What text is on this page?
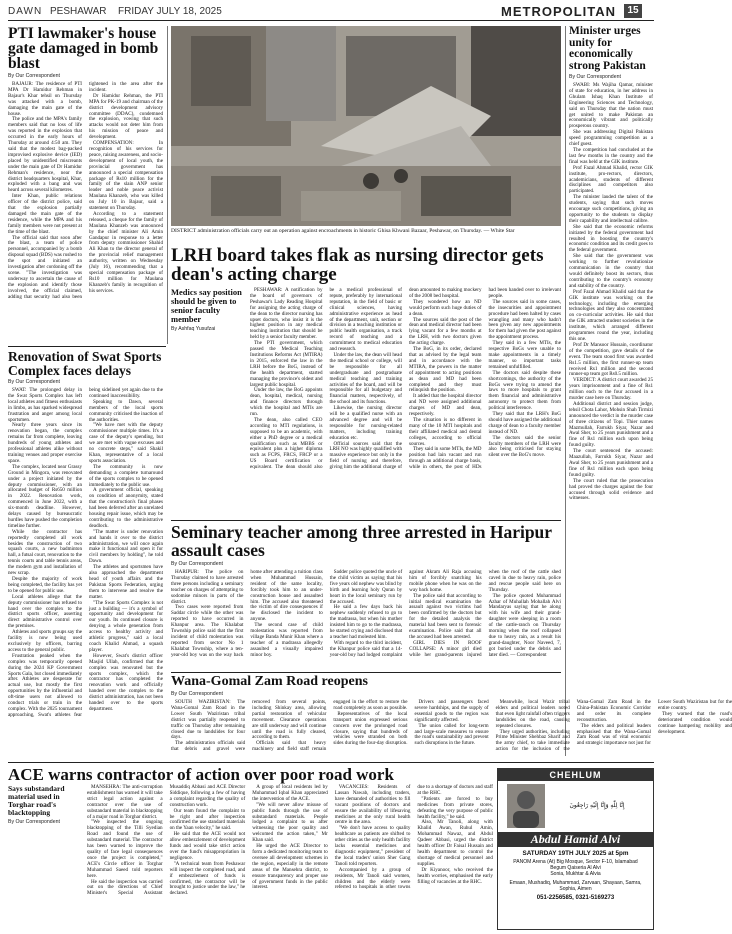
DAWN PESHAWAR FRIDAY JULY 18, 2025	METROPOLITAN	15
PTI lawmaker's house gate damaged in bomb blast
By Our Correspondent

BAJAUR: The residence of PTI MPA Dr Hamidur Rehman in Bajaur's Khar tehsil on Thursday was attacked with a bomb, damaging the main gate of the house.

The police and the MPA's family members said that no loss of life was reported in the explosion that occurred in the early hours of Thursday at around 4:50 am. They said that the modest bag-packed improvised explosive device (IED) placed by unidentified miscreants under the main gate of Dr Hamidur Rehman's residence, near the district headquarters hospital, Khar, exploded with a bang and was heard across several kilometres.

Inter Khan, public relations officer of the district police, said that the explosion partially damaged the main gate of the residence, while the MPA and his family members were not present at the time of the blast.

The official said that soon after the blast, a team of police personnel, accompanied by a bomb disposal squad (BDS) was rushed to the spot and initiated an investigation after cordoning off the scene. "The investigation was underway to ascertain the cause of the explosion and identify those involved, the official claimed, adding that security had also been tightened in the area after the incident.

Dr Hamidur Rehman, the PTI MPA for PK-19 and chairman of the district development advisory committee (DDAC), condemned the explosion, vowing that such attacks would not deter him from his mission of peace and development.

COMPENSATION: In recognition of his services for peace, raising awareness, and socio-development of local youth, the provincial government has announced a special compensation package of Rs10 million for the family of the slain ANP senior leader and noble peace activist Maulana Khanzeb, who was killed on July 10 in Bajaur, said a statement on Thursday.

According to a statement released, a cheque for the family of Maulana Khanzeb was announced by the chief minister Ali Amin Gandapur in response to a letter from deputy commissioner Shahid Ali Khan to the director general of the provincial relief management authority, written on Wednesday (July 16), recommending that a special compensation package of Rs10 million for Maulana Khanzeb's family in recognition of his services.

DISTRICT administration officials carry out an operation against encroachments in historic Ghisa Khwani Bazaar, Peshawar, on Thursday. — White Star
Minister urges unity for economically strong Pakistan
By Our Correspondent

SWABI: Ms Wajiha Qamar, minister of state for education, in her address in Ghulam Ishaq Khan Institute of Engineering Sciences and Technology, said on Thursday that the nation must get united to make Pakistan an economically vibrant and politically prosperous country.

She was addressing Digital Pakistan speed programming competition as a chief guest.

The competition had concluded at the last few months in the country and the final was held at the GIK institute.

Prof Fazal Ahmad Khalid, rector GIK institute, pro-rectors, directors, academicians, students of different disciplines and competitors also participated.

The minister lauded the talent of the students, saying that such moves encourage such competitions, giving an opportunity to the students to display their capability and intellectual calibre.

She said that the economic reforms initiated by the federal government had resulted in boosting the country's economic condition and its credit goes to the federal government.

She said that the government was working to further revolutionize communication in the country that would definitely boost its sectors, thus contributing to the country's economy and stability of the country.

Prof Fazal Ahmad Khalid said that the GIK institute was working on the technology, including the emerging technologies and they also concentrated on co-curricular activities. He said that the GIK attracted student societies in the institute, which arranged different programmes round the year, including this one.

Prof Dr Mansoor Hussain, coordinator of the competition, gave details of the event. The team stood first was awarded Rs1.5 million, the first runner-up team received Rs1 million and the second runner-up team got Rs0.5 million.

VERDICT: A district court awarded 25 years imprisonment and a fine of Rs1 million each to the four accused in a murder case here on Thursday.

Additional district and session judge, tehsil Chota Lahor, Mohsin Shah Tirmizi announced the verdict in the murder case of three citizens of Topi. Thier names Mazmullah, Farrukh Siyar, Nazar and Awal Sher, to 25 years punishment and a fine of Rs1 million each upon being found guilty.

The court sentenced the accused: Maazullah, Farrukh Siyar, Nazar and Awal Sher, to 25 years punishment and a fine of Rs1 million each upon being found guilty.

The court ruled that the prosecution had proved the charges against the four accused through solid evidence and witnesses.

LRH board takes flak as nursing director gets dean's acting charge
Medics say position should be given to senior faculty member
By Ashfaq Yusufzai

PESHAWAR: A notification by the board of governors of Peshawar's Lady Reading Hospital for assigning the acting charge of the dean to the director nursing has upset doctors, who insist it is the highest position in any medical teaching institution that should be held by a senior faculty member.

The PTI government, which passed the Medical Teaching Institutions Reforms Act (MTIRA) in 2015, enforced the law in the LRH before the BoG, instead of the health department, started managing the province's oldest and largest public hospital.

Under the law, the BoG appoints dean, hospital, medical, nursing and finance directors through which the hospital and MTIs are run.

The dean, also called CEO according to MTI regulations, is supposed to be an academic, with either a PhD degree or a medical qualification such as MBBS or equivalent plus a higher diploma such as FCPS, FRCS, FRCP or a US Board certification or equivalent. The dean should also be a medical professional of repute, preferably by international reputation, in the field of basic or clinical sciences, having administrative experience as head of the department, unit, section or division in a teaching institution or public health organisation, a track record of teaching and a commitment to medical education and research.

Under the law, the dean will head the medical school or college, will be responsible for all undergraduate and postgraduate medical teaching and training activities of the board, and will be responsible for all budgetary and financial matters, respectively, of the school and its functions.

Likewise, the nursing director will be a qualified nurse with an advanced degree and will be responsible for nursing-related matters, including training education etc.

Official sources said that the LRH NO was highly qualified with massive experience but only in the field of nursing and therefore, giving him the additional charge of dean amounted to making mockery of the 2008 bed hospital.

They wondered how an ND would perform such huge duties of a dean.

The sources said the post of the dean and medical director had been lying vacant for a few months at the LRH, with two doctors given the acting charge.

The BoG, in its order, declared that as advised by the legal team and in accordance with the MTIRA, the powers in the matter of appointment to acting positions as dean and MD had been completed and they must relinquish the position.

It added that the hospital director and ND were assigned additional charges of MD and dean, respectively.

The situation is no different in many of the 10 MTI hospitals and their affiliated medical and dental colleges, according to official sources.

They said in some MTIs, the MD position had lain vacant and run through an additional charge basis, while in others, the post of HDs had been handed over to irrelevant people.

The sources said in some cases, the insecurities and appointment procedure had been halted by cases wrangling and many who hadn't been given any new appointments for them had given the post against the appointment process.

They said in a few MTIs, the respective BoGs were unable to make appointments in a timely manner, so important tasks remained unfulfilled.

The doctors said despite these shortcomings, the authority of the BoGs were trying to amend the laws to more hospitals to grant them financial and administrative autonomy to protect them from political interference.

They said that the LRH's BoG should have assigned the additional charge of dean to a faculty member instead of ND.

The doctors said the senior faculty members of the LRH were also being criticised for staying silent over the BoG's move.

Renovation of Swat Sports Complex faces delays
By Our Correspondent

SWAT: The prolonged delay in the Swat Sports Complex has left local athletes and fitness enthusiasts in limbo, as has sparked widespread frustration and anger among local sportsmen.

Nearly three years since its renovation began, the complex remains far from complete, leaving hundreds of young athletes and professional athletes alike without training venues and proper exercise space.

The complex, located near Grassy Ground in Mingora, was renovated under a project initiated by the deputy commissioner, with an allocated budget of Rs650 million in 2022. Renovation work, commenced in June 2022, with a six-month deadline. However, delays caused by bureaucratic hurdles have pushed the completion timeline further.

While the contractor has reportedly completed all work besides the construction of two squash courts, a new badminton hall, a futsal court, renovation to the tennis courts and table tennis areas, the modern gym and installation of new scrap.

Despite the majority of work being completed, the facility has yet to be opened for public use.

Local athletes allege that the deputy commissioner has refused to hand over the complex to the district sports officer, asserting direct administrative control over the premises.

Athletes and sports groups say the facility is now being used exclusively by officers, barring access to the general public.

Frustration peaked when the complex was temporarily opened during the 2024 KP Government Sports Gala, but closed immediately after. Athletes are desperate for actual use, but mostly the first opportunities by the influential and oft-time users not allowed to conduct trials or train in the complex. With the 2025 tournament approaching, Swat's athletes fear being sidelined yet again due to the continued inaccessibility.

Speaking to Dawn, several members of the local sports community criticised the inaction of the authorities.

"We have met with the deputy commissioner multiple times. It's a case of the deputy's spending, but we are met with vague excuses and no concrete steps," said Shakil Khan, representative of a local sports association.

The community is now demanding a complete turnaround of the sports complex to be opened immediately to the public use.

A government official, speaking on condition of anonymity, stated that the construction's final phases had been deferred after an unrelated housing repair issue, which may be contributing to the administrative deadlock.

"The matter is under renovation and hands it over to the district administration, we will once again make it functional and open it for civil members by holding", he told Dawn.

The athletes and sportsmen have also approached the department head of youth affairs and the Pakistan Sports Federation, urging them to intervene and resolve the matter.

"The Swat Sports Complex is not just a building — it's a symbol of opportunity and development for our youth. Its continued closure is denying a whole generation from access to healthy activity and athletic progress," said a local coach Khalid Ahmad, a squash player.

However, Swat's district officer Masjid Ullah, confirmed that the complex was renovated but the sports complex, which the contractor has completed the renovation work and officially handed over the complex to the district administration, has not been handed over to the sports department.

Seminary teacher among three arrested in Haripur assault cases
By Our Correspondent

HARIPUR: The police on Thursday claimed to have arrested three persons including a seminary teacher on charges of attempting to sodomise minors in parts of the district.

Two cases were reported from Saddar circle while the other was reported to have occurred in Khanpur area. The Khalabat Township police said that the first incident of child molestation was reported from sector No 1 Khalabat Township, where a ten-year-old boy was on the way back home after attending a tuition class when Muhammad Hussain, resident of the same locality, forcibly took him to an under-construction house and assaulted him. The accused also threatened the victim of dire consequences if he disclosed the incident to anyone.

The second case of child molestation was reported from village Banda Munir Khan where a teacher of a madrassa allegedly assaulted a visually impaired minor boy.

Sadder police quoted the uncle of the child victim as saying that his five years old nephew was blind by birth and learning holy Quran by heart in the local seminary run by the accused.

He said a few days back his nephew suddenly refused to go to the madrassa, but when his mother insisted him to go to the madrassa, he started crying and disclosed that a teacher had molested him.

With regard to the third incident, the Khanpur police said that a 14-year-old boy had lodged complaint against Akram Ali Raja accusing him of forcibly snatching his mobile phone when he was on the way back home.

The police said that according to initial medical examination the assault against two victims had been confirmed by the doctors but for the detailed analysis the material had been sent to forensic examination. Police said that all the accused had been arrested.

GIRL DIES IN ROOF COLLAPSE: A minor girl died while her grand-parents injured when the roof of the cattle shed caved in due to heavy rain, police and rescue people said here on Thursday.

The police quoted Muhammad Azhar of Muhallah Mohallah Alvi Mandaryas saying that he along with his wife and their grand-daughter were sleeping in a room of the cattle-ranch on Thursday morning when the roof collapsed due to heavy rain, as a result his grand-daughter, Noor Naveed, 7, got buried under the debris and later died. — Correspondent

Wana-Gomal Zam Road reopens
By Our Correspondent

SOUTH WAZIRISTAN: The Wana-Gomal Zam Road in the Lower South Waziristan tribal district was partially reopened to traffic on Thursday after remaining closed due to landslides for four days.

The administration officials said that debris and gravel were removed from several points, including Shinkay area, allowing partial restoration of vehicular movement. Clearance operations are still underway and will continue until the road is fully cleared, according to them.

Officials said that heavy machinery and field staff remain engaged in the effort to restore the road completely as soon as possible.

Representatives of the local transport union expressed serious concern over the prolonged road closure, saying that hundreds of vehicles were stranded on both sides during the four-day disruption.

Drivers and passengers faced severe hardships, and the supply of essential goods to the region was significantly affected.

The union called for long-term and large-scale measures to ensure the road's sustainability and prevent such disruptions in the future.

Meanwhile, local Wazir tribal elders and political leaders noted that even light rainfall often triggers landslides on the road, causing repeated closures.

They urged authorities, including Prime Minister Shehbaz Sharif and the army chief, to take immediate action for the inclusion of the Wana-Gomal Zam Road in the China-Pakistan Economic Corridor and order its complete reconstruction.

The elders and political leaders emphasised that the Wana-Gomal Zam Road was of vital economic and strategic importance not just for Lower South Waziristan but for the entire country.

They warned that the road's deteriorated condition would continue hampering mobility and development.

ACE warns contractor of action over poor road work
Says substandard material used in Torghar road's blacktopping
By Our Correspondent

MANSEHRA: The anti-corruption establishment has warned it will take strict legal action against a contractor over the use of substandard material in blacktopping of a major road in Torghar district.

"We inspected the ongoing blacktopping of the Tilli Syedian Road and found the use of substandard material. The contractor has been warned to improve the quality of face legal consequences once the project is completed," ACE's Circle officer in Torghar Muhammad Saeed told reporters here.

He said the inspection was carried out on the directions of Chief Minister's Special Assistant Musaddiq Abbasi and ACE Director Siddique, following a few of having a complaint regarding the quality of construction work.

Our team found the complaint to be right and after inspection confirmed the use standard materials on the Yaan velocity," he said.

He said that the ACE would not allow embezzlement of development funds and would take strict action over the fund's misappropriation in negligence.

"A technical team from Peshawar will inspect the completed road, and if embezzlement of funds is confirmed, the contractor will be brought to justice under the law," he declared.

A group of local residents led by Muhammad Iqbal Khan appreciated the intervention of the ACE.

"We will never allow misuse of public funds through the use of substandard materials. People lodged a complaint to us after witnessing the poor quality and welcomed the action taken," Mr Khan said.

He urged the ACE Director to form a dedicated monitoring team to oversee all development schemes in the region, especially in the remote areas of the Mansehra district, to ensure transparency and proper use of government funds in the public interest.

VACANCIES: Residents of Lassan Nawab, including traders, have demanded of authorities to fill vacant positions of doctors and ensure the availability of lifesaving medicines at the only rural health centre in the area.

"We don't have access to quality healthcare as patients are shifted to other cities as the only health facility lacks essential medicines and diagnostic equipment," president of the local traders' union Sher Gang Tanoli told reporters.

Accompanied by a group of residents, Mr Tanoli said women, children and the elderly were referred to hospitals in other towns due to a shortage of doctors and staff at the RHC.

"Patients are forced to buy medicines from private stores, defeating the very purpose of public health facility," he said.

Also, Mr Tanoli, along with Khalid Awan, Ruhul Amin, Mohammad Nawaz, and Abdul Qadeer Abbasi, urged the district health officer Dr Faisal Hussain and health department to control the shortage of medical personnel and supplies.

Dr Kiyanoor, who received the health worries, emphasised the early filling of vacancies at the RHC.

CHEHLUM
إِنَّا لِلّٰهِ وَإِنَّا إِلَيْهِ رَاجِعُونَ
Abdul Hamid Alvi
SATURDAY 19TH JULY 2025 at 5pm
PANOM Arena (At) Big Mosque, Sector F-10, Islamabad
Begum Qaiseria Al Alvi
Sonia, Mukhtar & Alvia
Emaan, Mushadiq, Muhammad, Zarvaan, Shayaan, Samra, Sophia, Aimen
051-2256585, 0321-5169273
